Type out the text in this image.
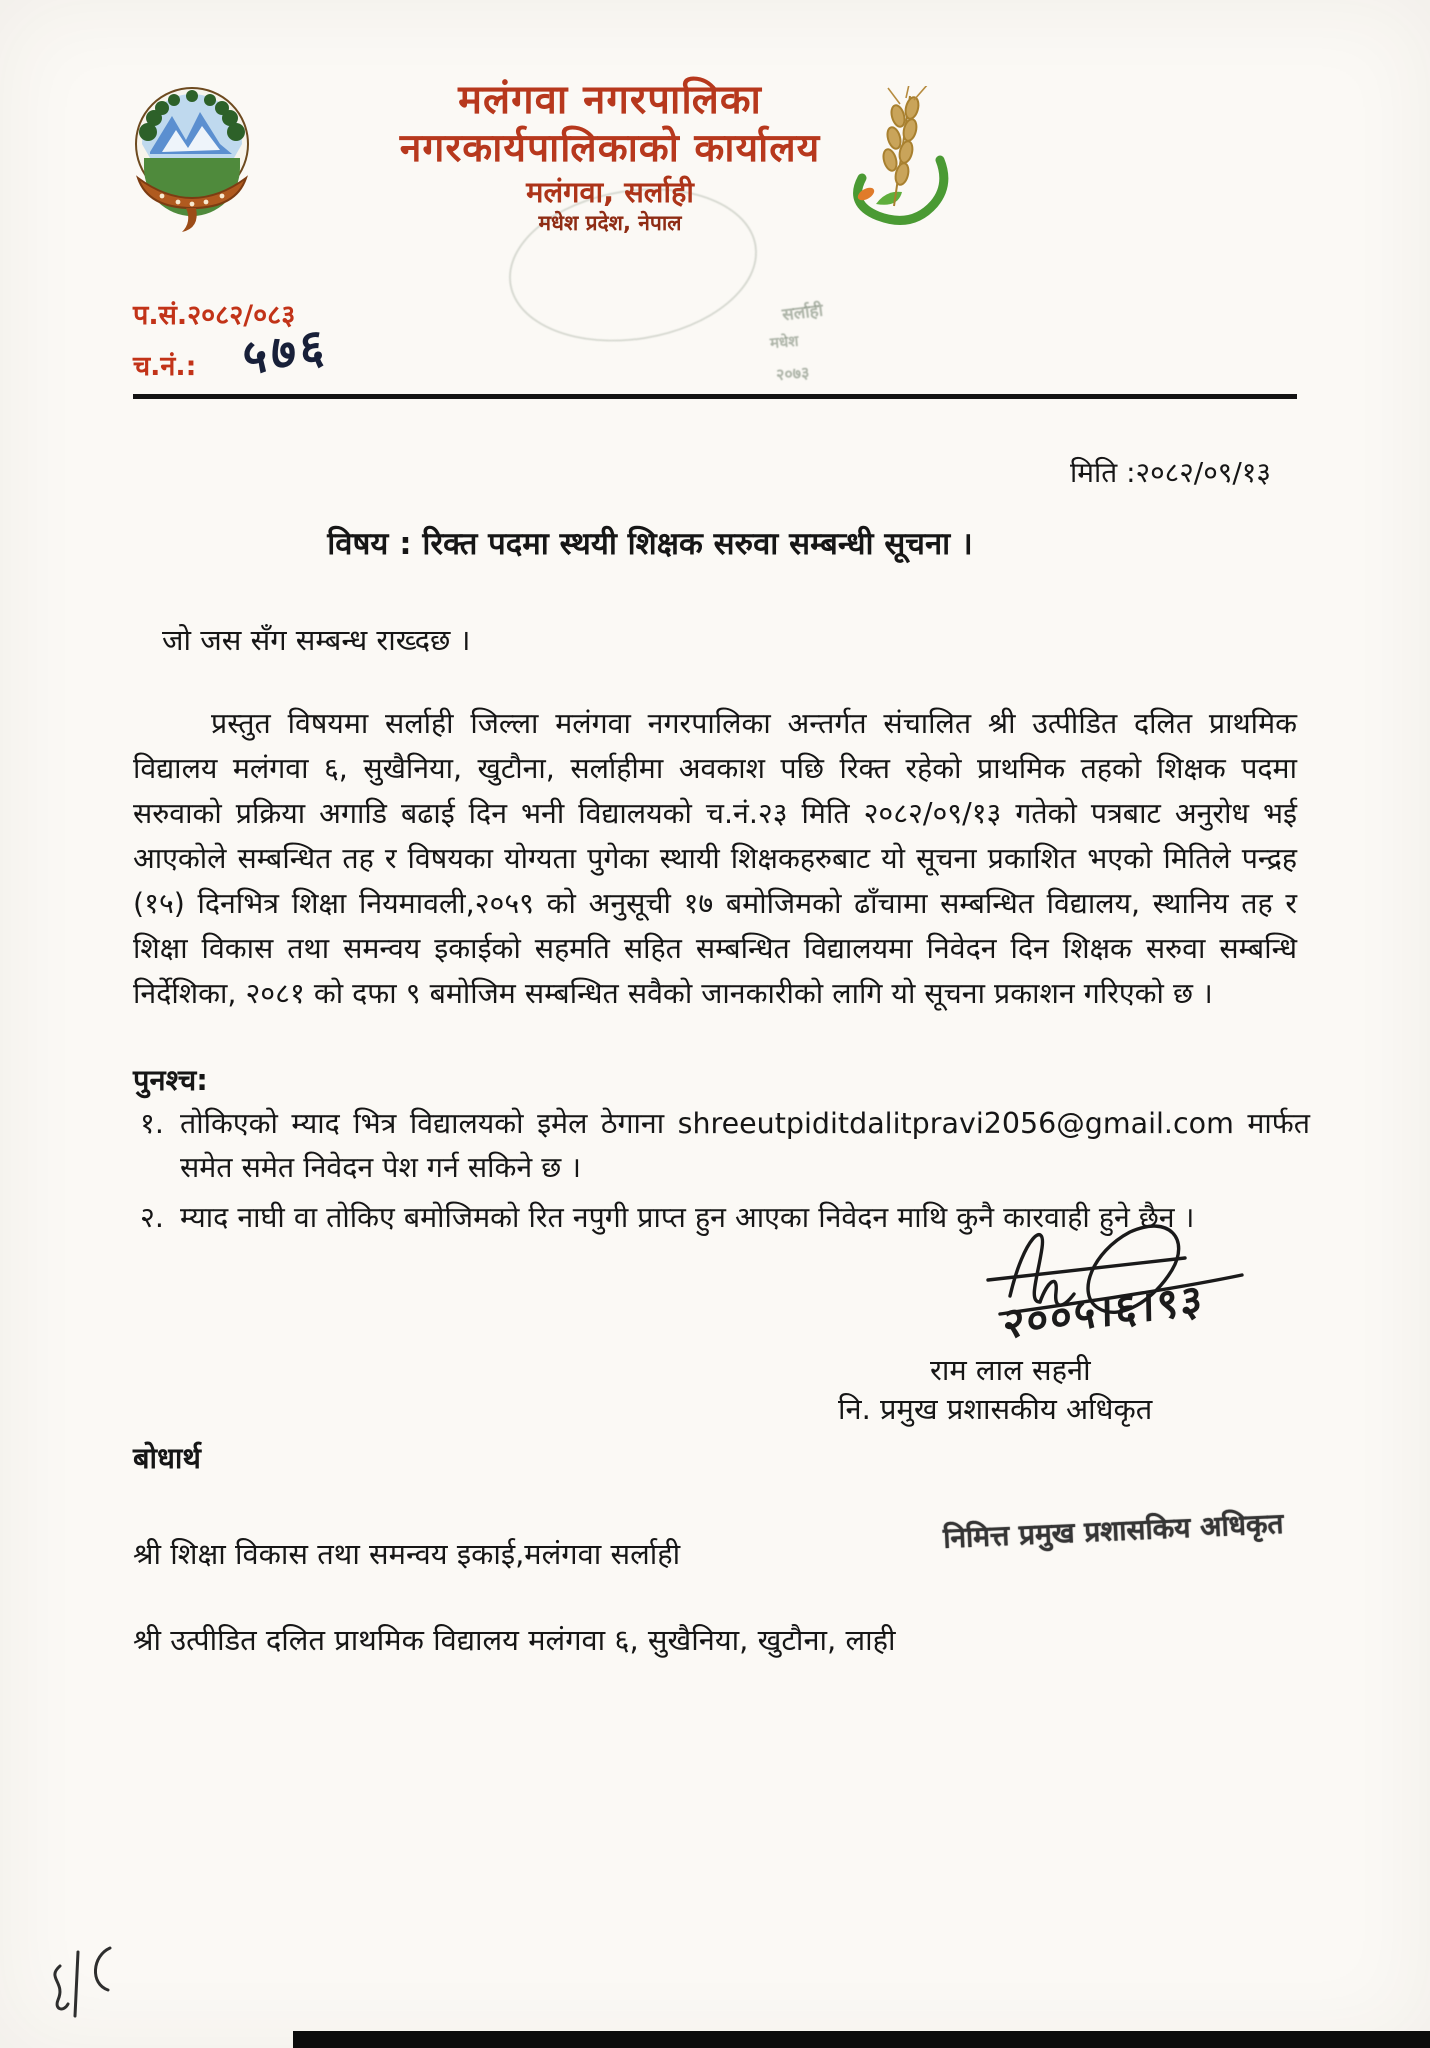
सर्लाही
मधेश
२०७३
मलंगवा नगरपालिका
नगरकार्यपालिकाको कार्यालय
मलंगवा, सर्लाही
मधेश प्रदेश, नेपाल
प.सं.२०८२/०८३
च.नं.: ५७६
मिति :२०८२/०९/१३
विषय : रिक्त पदमा स्थयी शिक्षक सरुवा सम्बन्धी सूचना ।
जो जस सँग सम्बन्ध राख्दछ ।

प्रस्तुत विषयमा सर्लाही जिल्ला मलंगवा नगरपालिका अन्तर्गत संचालित श्री उत्पीडित दलित प्राथमिक विद्यालय मलंगवा ६, सुखैनिया, खुटौना, सर्लाहीमा अवकाश पछि रिक्त रहेको प्राथमिक तहको शिक्षक पदमा सरुवाको प्रक्रिया अगाडि बढाई दिन भनी विद्यालयको च.नं.२३ मिति २०८२/०९/१३ गतेको पत्रबाट अनुरोध भई आएकोले सम्बन्धित तह र विषयका योग्यता पुगेका स्थायी शिक्षकहरुबाट यो सूचना प्रकाशित भएको मितिले पन्द्रह (१५) दिनभित्र शिक्षा नियमावली,२०५९ को अनुसूची १७ बमोजिमको ढाँचामा सम्बन्धित विद्यालय, स्थानिय तह र शिक्षा विकास तथा समन्वय इकाईको सहमति सहित सम्बन्धित विद्यालयमा निवेदन दिन शिक्षक सरुवा सम्बन्धि निर्देशिका, २०८१ को दफा ९ बमोजिम सम्बन्धित सवैको जानकारीको लागि यो सूचना प्रकाशन गरिएको छ ।

पुनश्च:
१. तोकिएको म्याद भित्र विद्यालयको इमेल ठेगाना shreeutpiditdalitpravi2056@gmail.com मार्फत समेत समेत निवेदन पेश गर्न सकिने छ ।
२. म्याद नाघी वा तोकिए बमोजिमको रित नपुगी प्राप्त हुन आएका निवेदन माथि कुनै कारवाही हुने छैन ।
२००५।६।९३
राम लाल सहनी
नि. प्रमुख प्रशासकीय अधिकृत
निमित्त प्रमुख प्रशासकिय अधिकृत
बोधार्थ
श्री शिक्षा विकास तथा समन्वय इकाई,मलंगवा सर्लाही
श्री उत्पीडित दलित प्राथमिक विद्यालय मलंगवा ६, सुखैनिया, खुटौना, लाही
